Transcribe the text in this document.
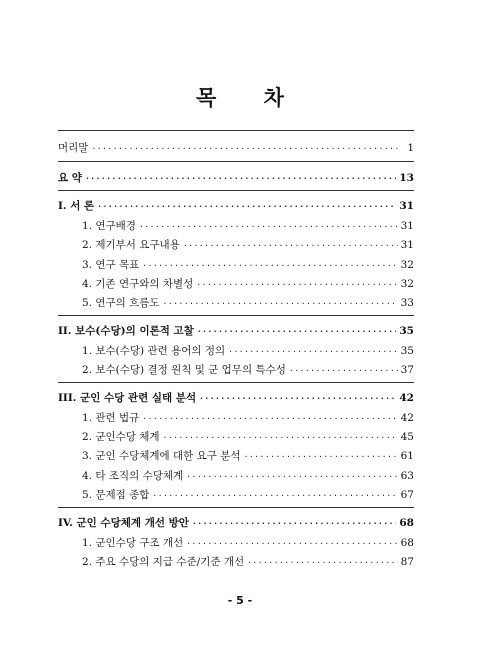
목 차
머리말 ·····	1
요 약 ·····	13
I. 서 론 ·····	31
1. 연구배경 ·····	31
2. 제기부서 요구내용 ·····	31
3. 연구 목표 ·····	32
4. 기존 연구와의 차별성 ·····	32
5. 연구의 흐름도 ·····	33
II. 보수(수당)의 이론적 고찰 ·····	35
1. 보수(수당) 관련 용어의 정의 ·····	35
2. 보수(수당) 결정 원칙 및 군 업무의 특수성 ·····	37
III. 군인 수당 관련 실태 분석 ·····	42
1. 관련 법규 ·····	42
2. 군인수당 체계 ·····	45
3. 군인 수당체계에 대한 요구 분석 ·····	61
4. 타 조직의 수당체계 ·····	63
5. 문제점 종합 ·····	67
IV. 군인 수당체계 개선 방안 ·····	68
1. 군인수당 구조 개선 ·····	68
2. 주요 수당의 지급 수준/기준 개선 ·····	87
- 5 -
